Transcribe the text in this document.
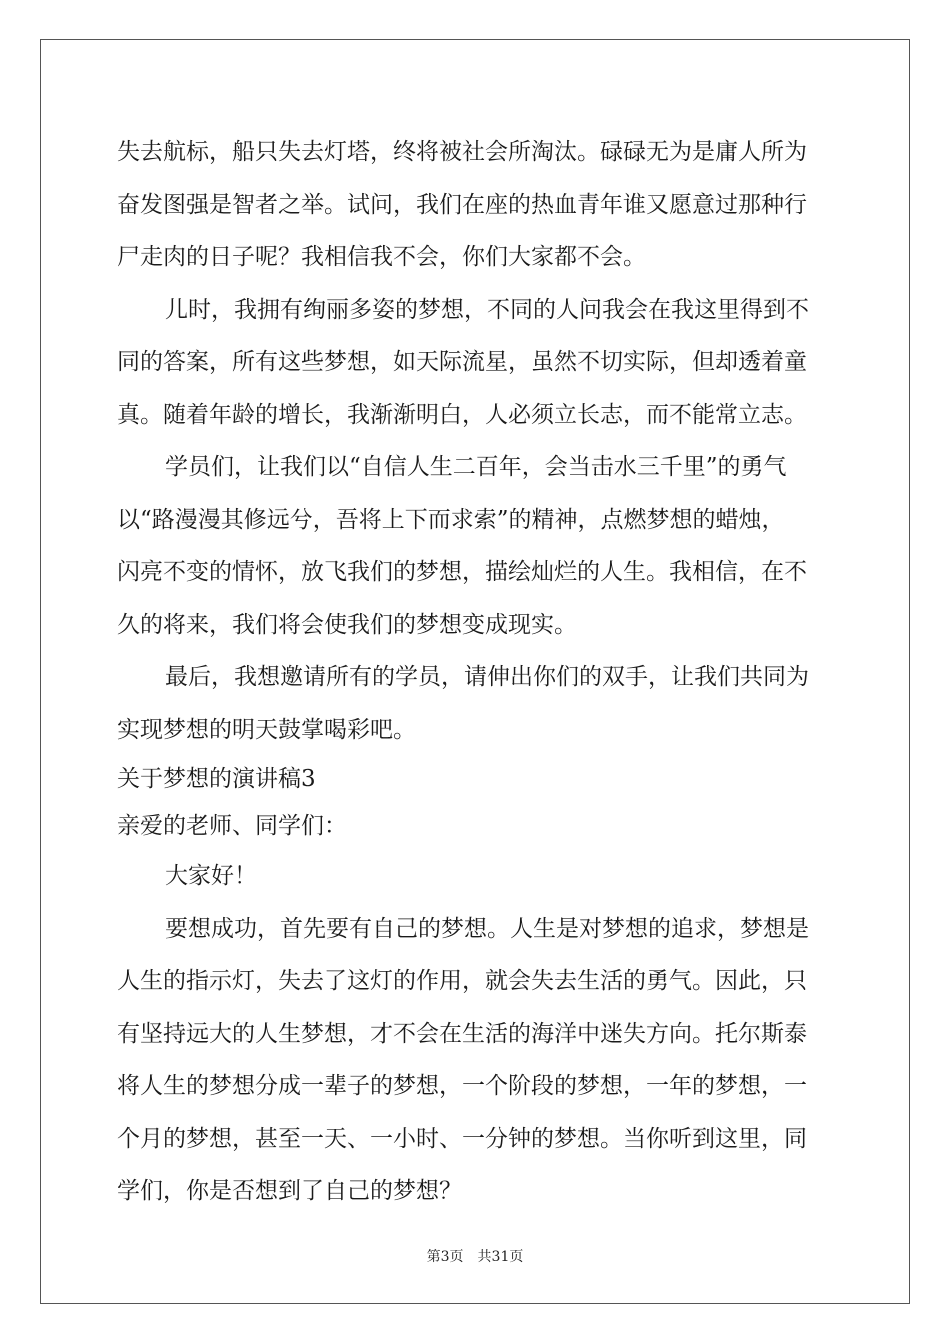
失去航标，船只失去灯塔，终将被社会所淘汰。碌碌无为是庸人所为
奋发图强是智者之举。试问，我们在座的热血青年谁又愿意过那种行
尸走肉的日子呢？我相信我不会，你们大家都不会。
儿时，我拥有绚丽多姿的梦想，不同的人问我会在我这里得到不
同的答案，所有这些梦想，如天际流星，虽然不切实际，但却透着童
真。随着年龄的增长，我渐渐明白，人必须立长志，而不能常立志。
学员们，让我们以“自信人生二百年，会当击水三千里”的勇气
以“路漫漫其修远兮，吾将上下而求索”的精神，点燃梦想的蜡烛，
闪亮不变的情怀，放飞我们的梦想，描绘灿烂的人生。我相信，在不
久的将来，我们将会使我们的梦想变成现实。
最后，我想邀请所有的学员，请伸出你们的双手，让我们共同为
实现梦想的明天鼓掌喝彩吧。
关于梦想的演讲稿3
亲爱的老师、同学们：
大家好！
要想成功，首先要有自己的梦想。人生是对梦想的追求，梦想是
人生的指示灯，失去了这灯的作用，就会失去生活的勇气。因此，只
有坚持远大的人生梦想，才不会在生活的海洋中迷失方向。托尔斯泰
将人生的梦想分成一辈子的梦想，一个阶段的梦想，一年的梦想，一
个月的梦想，甚至一天、一小时、一分钟的梦想。当你听到这里，同
学们，你是否想到了自己的梦想？
第3页 共31页
